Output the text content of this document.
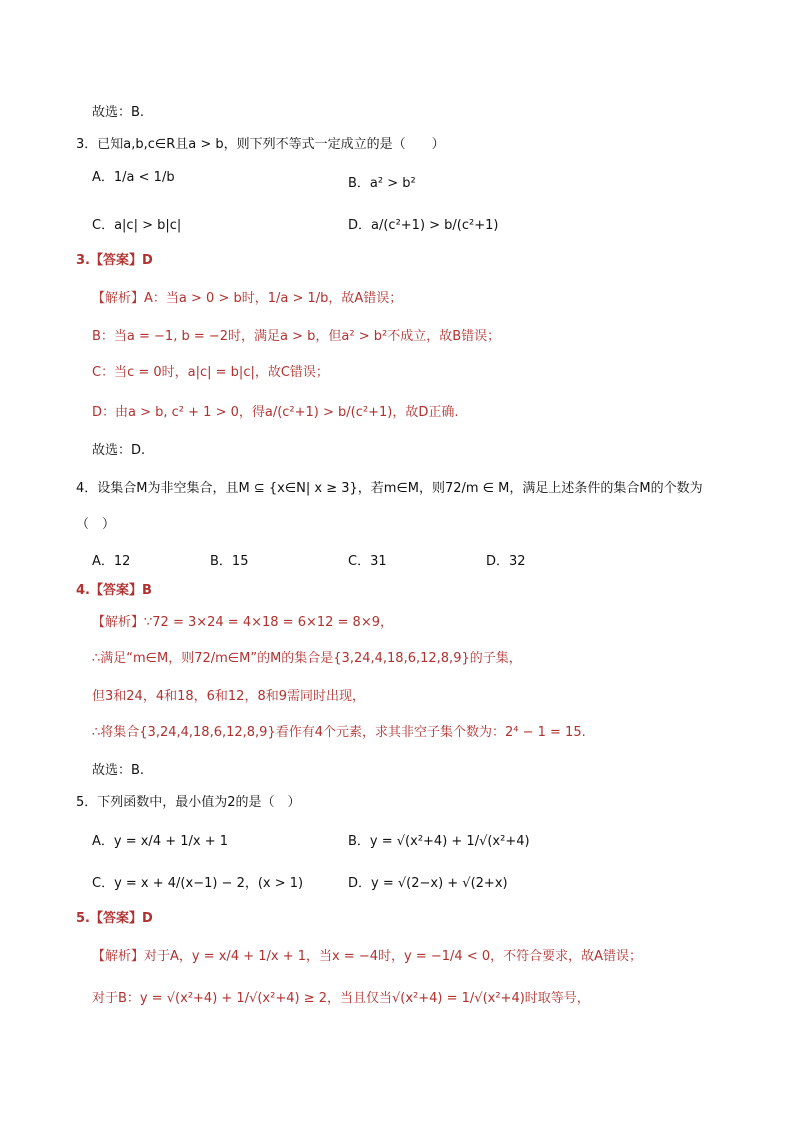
故选：B.
3．已知a,b,c∈R且a > b，则下列不等式一定成立的是（　　）
A．1/a < 1/b	B．a² > b²
C．a|c| > b|c|	D．a/(c²+1) > b/(c²+1)
3.【答案】D
【解析】A：当a > 0 > b时，1/a > 1/b，故A错误；
B：当a = −1, b = −2时，满足a > b，但a² > b²不成立，故B错误；
C：当c = 0时，a|c| = b|c|，故C错误；
D：由a > b, c² + 1 > 0，得a/(c²+1) > b/(c²+1)，故D正确.
故选：D.
4．设集合M为非空集合，且M ⊆ {x∈N| x ≥ 3}，若m∈M，则72/m ∈ M，满足上述条件的集合M的个数为
（　）
A．12	B．15	C．31	D．32
4.【答案】B
【解析】∵72 = 3×24 = 4×18 = 6×12 = 8×9，
∴满足“m∈M，则72/m∈M”的M的集合是{3,24,4,18,6,12,8,9}的子集，
但3和24，4和18，6和12，8和9需同时出现，
∴将集合{3,24,4,18,6,12,8,9}看作有4个元素，求其非空子集个数为：2⁴ − 1 = 15.
故选：B.
5．下列函数中，最小值为2的是（　）
A．y = x/4 + 1/x + 1	B．y = √(x²+4) + 1/√(x²+4)
C．y = x + 4/(x−1) − 2，(x > 1)	D．y = √(2−x) + √(2+x)
5.【答案】D
【解析】对于A，y = x/4 + 1/x + 1，当x = −4时，y = −1/4 < 0，不符合要求，故A错误；
对于B：y = √(x²+4) + 1/√(x²+4) ≥ 2，当且仅当√(x²+4) = 1/√(x²+4)时取等号，
